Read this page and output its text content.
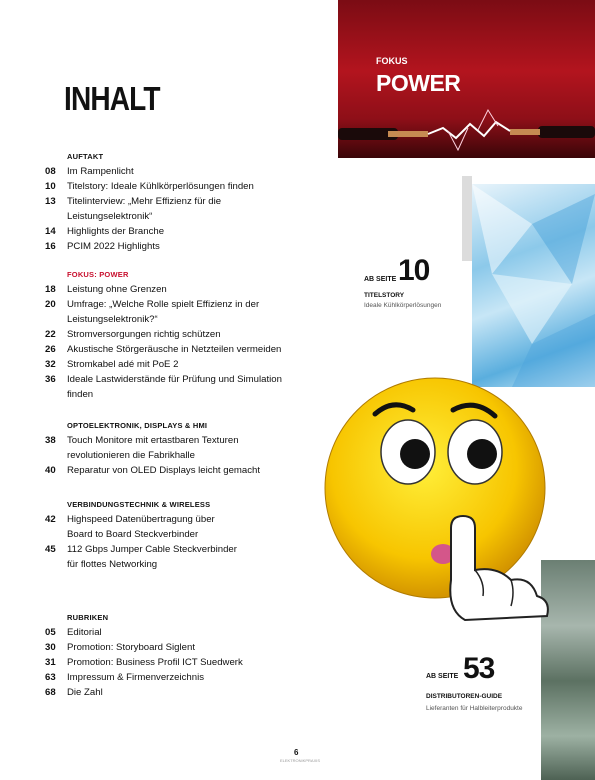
INHALT
AUFTAKT
08	Im Rampenlicht
10	Titelstory: Ideale Kühlkörperlösungen finden
13	Titelinterview: „Mehr Effizienz für die
Leistungselektronik“
14	Highlights der Branche
16	PCIM 2022 Highlights
FOKUS: POWER
18	Leistung ohne Grenzen
20	Umfrage: „Welche Rolle spielt Effizienz in der
Leistungselektronik?“
22	Stromversorgungen richtig schützen
26	Akustische Störgeräusche in Netzteilen vermeiden
32	Stromkabel adé mit PoE 2
36	Ideale Lastwiderstände für Prüfung und Simulation
finden
OPTOELEKTRONIK, DISPLAYS & HMI
38	Touch Monitore mit ertastbaren Texturen
revolutionieren die Fabrikhalle
40	Reparatur von OLED Displays leicht gemacht
VERBINDUNGSTECHNIK & WIRELESS
42	Highspeed Datenübertragung über
Board to Board Steckverbinder
45	112 Gbps Jumper Cable Steckverbinder
für flottes Networking
RUBRIKEN
05	Editorial
30	Promotion: Storyboard Siglent
31	Promotion: Business Profil ICT Suedwerk
63	Impressum & Firmenverzeichnis
68	Die Zahl
FOKUS
POWER
AB SEITE 10
TITELSTORY
Ideale Kühlkörperlösungen
AB SEITE 53
DISTRIBUTOREN-GUIDE
Lieferanten für Halbleiterprodukte
6
ELEKTRONIKPRAXIS
